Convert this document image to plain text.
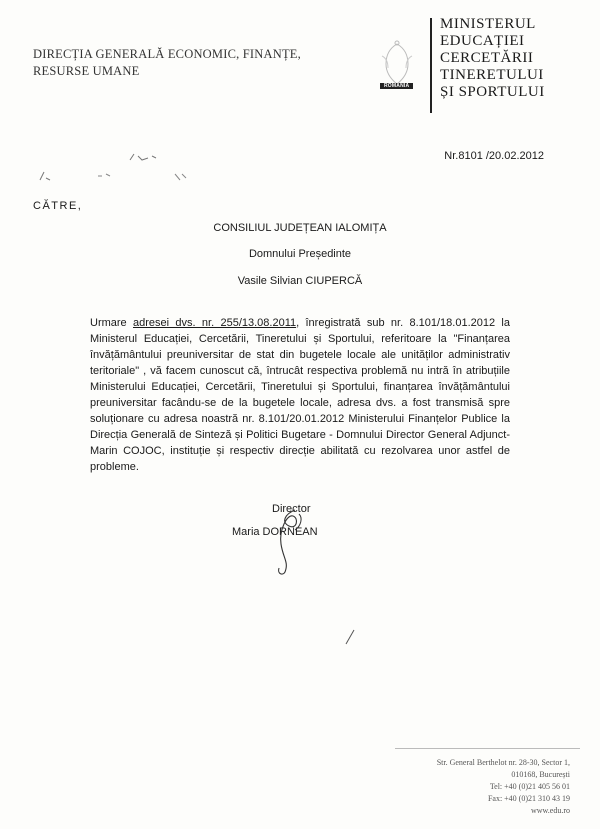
DIRECȚIA GENERALĂ ECONOMIC, FINANȚE,
RESURSE UMANE
ROMANIA
MINISTERUL
EDUCAȚIEI
CERCETĂRII
TINERETULUI
ȘI SPORTULUI
Nr.8101 /20.02.2012
CĂTRE,
CONSILIUL JUDEȚEAN IALOMIȚA
Domnului Președinte
Vasile Silvian CIUPERCĂ
Urmare adresei dvs. nr. 255/13.08.2011, înregistrată sub nr. 8.101/18.01.2012 la Ministerul Educației, Cercetării, Tineretului și Sportului, referitoare la "Finanțarea învățământului preuniversitar de stat din bugetele locale ale unităților administrativ teritoriale" , vă facem cunoscut că, întrucât respectiva problemă nu intră în atribuțiile Ministerului Educației, Cercetării, Tineretului și Sportului, finanțarea învățământului preuniversitar facându-se de la bugetele locale, adresa dvs. a fost transmisă spre soluționare cu adresa noastră nr. 8.101/20.01.2012 Ministerului Finanțelor Publice la Direcția Generală de Sinteză și Politici Bugetare - Domnului Director General Adjunct- Marin COJOC, instituție și respectiv direcție abilitată cu rezolvarea unor astfel de probleme.
Director
Maria DORNEAN
Str. General Berthelot nr. 28-30, Sector 1,
010168, București
Tel: +40 (0)21 405 56 01
Fax: +40 (0)21 310 43 19
www.edu.ro
